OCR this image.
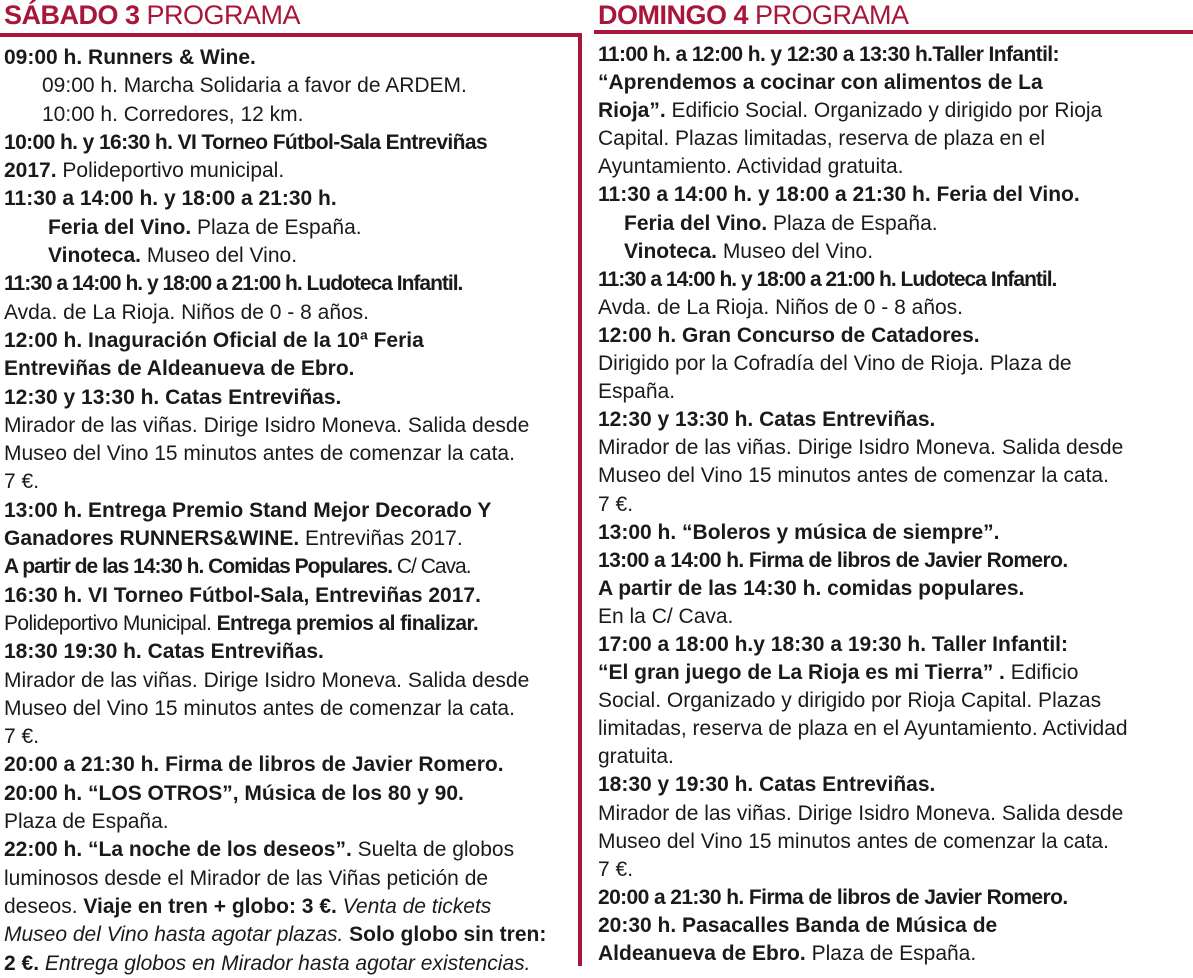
SÁBADO 3 PROGRAMA
09:00 h. Runners & Wine.
09:00 h. Marcha Solidaria a favor de ARDEM.
10:00 h. Corredores, 12 km.
10:00 h. y 16:30 h. VI Torneo Fútbol-Sala Entreviñas
2017. Polideportivo municipal.
11:30 a 14:00 h. y 18:00 a 21:30 h.
Feria del Vino. Plaza de España.
Vinoteca. Museo del Vino.
11:30 a 14:00 h. y 18:00 a 21:00 h. Ludoteca Infantil.
Avda. de La Rioja. Niños de 0 - 8 años.
12:00 h. Inaguración Oficial de la 10ª Feria
Entreviñas de Aldeanueva de Ebro.
12:30 y 13:30 h. Catas Entreviñas.
Mirador de las viñas. Dirige Isidro Moneva. Salida desde
Museo del Vino 15 minutos antes de comenzar la cata.
7 €.
13:00 h. Entrega Premio Stand Mejor Decorado Y
Ganadores RUNNERS&WINE. Entreviñas 2017.
A partir de las 14:30 h. Comidas Populares. C/ Cava.
16:30 h. VI Torneo Fútbol-Sala, Entreviñas 2017.
Polideportivo Municipal. Entrega premios al finalizar.
18:30 19:30 h. Catas Entreviñas.
Mirador de las viñas. Dirige Isidro Moneva. Salida desde
Museo del Vino 15 minutos antes de comenzar la cata.
7 €.
20:00 a 21:30 h. Firma de libros de Javier Romero.
20:00 h. “LOS OTROS”, Música de los 80 y 90.
Plaza de España.
22:00 h. “La noche de los deseos”. Suelta de globos
luminosos desde el Mirador de las Viñas petición de
deseos. Viaje en tren + globo: 3 €. Venta de tickets
Museo del Vino hasta agotar plazas. Solo globo sin tren:
2 €. Entrega globos en Mirador hasta agotar existencias.
DOMINGO 4 PROGRAMA
11:00 h. a 12:00 h. y 12:30 a 13:30 h.Taller Infantil:
“Aprendemos a cocinar con alimentos de La
Rioja”. Edificio Social. Organizado y dirigido por Rioja
Capital. Plazas limitadas, reserva de plaza en el
Ayuntamiento. Actividad gratuita.
11:30 a 14:00 h. y 18:00 a 21:30 h. Feria del Vino.
Feria del Vino. Plaza de España.
Vinoteca. Museo del Vino.
11:30 a 14:00 h. y 18:00 a 21:00 h. Ludoteca Infantil.
Avda. de La Rioja. Niños de 0 - 8 años.
12:00 h. Gran Concurso de Catadores.
Dirigido por la Cofradía del Vino de Rioja. Plaza de
España.
12:30 y 13:30 h. Catas Entreviñas.
Mirador de las viñas. Dirige Isidro Moneva. Salida desde
Museo del Vino 15 minutos antes de comenzar la cata.
7 €.
13:00 h. “Boleros y música de siempre”.
13:00 a 14:00 h. Firma de libros de Javier Romero.
A partir de las 14:30 h. comidas populares.
En la C/ Cava.
17:00 a 18:00 h.y 18:30 a 19:30 h. Taller Infantil:
“El gran juego de La Rioja es mi Tierra” . Edificio
Social. Organizado y dirigido por Rioja Capital. Plazas
limitadas, reserva de plaza en el Ayuntamiento. Actividad
gratuita.
18:30 y 19:30 h. Catas Entreviñas.
Mirador de las viñas. Dirige Isidro Moneva. Salida desde
Museo del Vino 15 minutos antes de comenzar la cata.
7 €.
20:00 a 21:30 h. Firma de libros de Javier Romero.
20:30 h. Pasacalles Banda de Música de
Aldeanueva de Ebro. Plaza de España.
